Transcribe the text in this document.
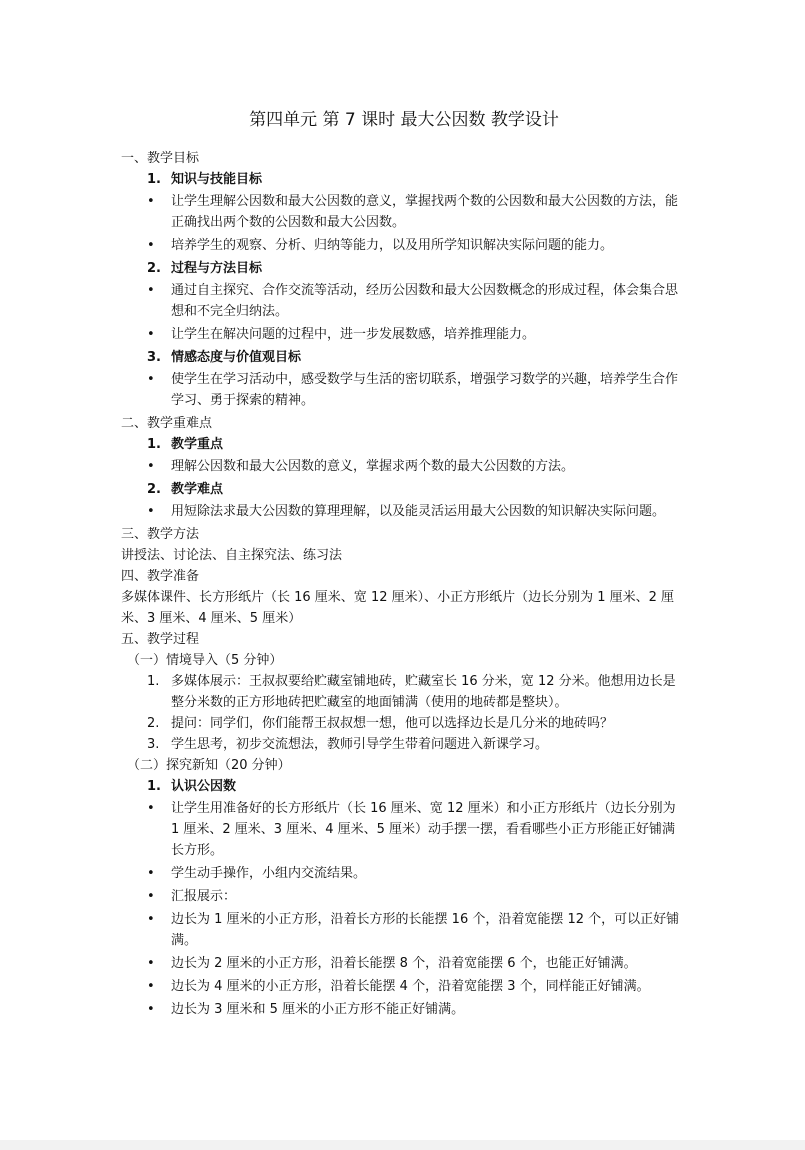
第四单元 第 7 课时 最大公因数 教学设计

一、教学目标

1. 知识与技能目标

• 让学生理解公因数和最大公因数的意义，掌握找两个数的公因数和最大公因数的方法，能正确找出两个数的公因数和最大公因数。

• 培养学生的观察、分析、归纳等能力，以及用所学知识解决实际问题的能力。

2. 过程与方法目标

• 通过自主探究、合作交流等活动，经历公因数和最大公因数概念的形成过程，体会集合思想和不完全归纳法。

• 让学生在解决问题的过程中，进一步发展数感，培养推理能力。

3. 情感态度与价值观目标

• 使学生在学习活动中，感受数学与生活的密切联系，增强学习数学的兴趣，培养学生合作学习、勇于探索的精神。

二、教学重难点

1. 教学重点

• 理解公因数和最大公因数的意义，掌握求两个数的最大公因数的方法。

2. 教学难点

• 用短除法求最大公因数的算理理解，以及能灵活运用最大公因数的知识解决实际问题。

三、教学方法

讲授法、讨论法、自主探究法、练习法

四、教学准备

多媒体课件、长方形纸片（长 16 厘米、宽 12 厘米）、小正方形纸片（边长分别为 1 厘米、2 厘米、3 厘米、4 厘米、5 厘米）

五、教学过程

（一）情境导入（5 分钟）

1. 多媒体展示：王叔叔要给贮藏室铺地砖，贮藏室长 16 分米，宽 12 分米。他想用边长是整分米数的正方形地砖把贮藏室的地面铺满（使用的地砖都是整块）。

2. 提问：同学们，你们能帮王叔叔想一想，他可以选择边长是几分米的地砖吗？

3. 学生思考，初步交流想法，教师引导学生带着问题进入新课学习。

（二）探究新知（20 分钟）

1. 认识公因数

• 让学生用准备好的长方形纸片（长 16 厘米、宽 12 厘米）和小正方形纸片（边长分别为 1 厘米、2 厘米、3 厘米、4 厘米、5 厘米）动手摆一摆，看看哪些小正方形能正好铺满长方形。

• 学生动手操作，小组内交流结果。

• 汇报展示：

• 边长为 1 厘米的小正方形，沿着长方形的长能摆 16 个，沿着宽能摆 12 个，可以正好铺满。

• 边长为 2 厘米的小正方形，沿着长能摆 8 个，沿着宽能摆 6 个，也能正好铺满。

• 边长为 4 厘米的小正方形，沿着长能摆 4 个，沿着宽能摆 3 个，同样能正好铺满。

• 边长为 3 厘米和 5 厘米的小正方形不能正好铺满。
